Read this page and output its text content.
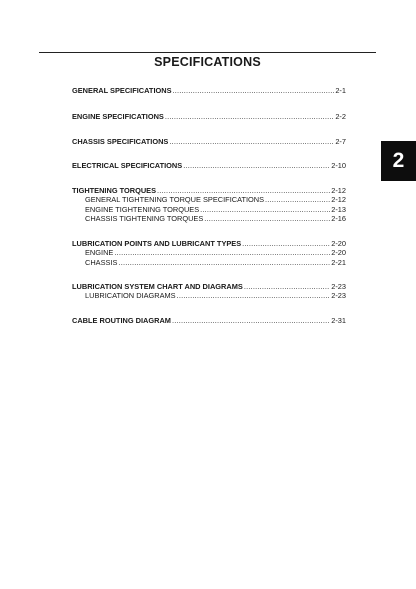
SPECIFICATIONS
GENERAL SPECIFICATIONS .....	2-1
ENGINE SPECIFICATIONS .....	2-2
CHASSIS SPECIFICATIONS .....	2-7
ELECTRICAL SPECIFICATIONS .....	2-10
TIGHTENING TORQUES .....	2-12
GENERAL TIGHTENING TORQUE SPECIFICATIONS .....	2-12
ENGINE TIGHTENING TORQUES .....	2-13
CHASSIS TIGHTENING TORQUES .....	2-16
LUBRICATION POINTS AND LUBRICANT TYPES .....	2-20
ENGINE .....	2-20
CHASSIS .....	2-21
LUBRICATION SYSTEM CHART AND DIAGRAMS .....	2-23
LUBRICATION DIAGRAMS .....	2-23
CABLE ROUTING DIAGRAM .....	2-31
2
